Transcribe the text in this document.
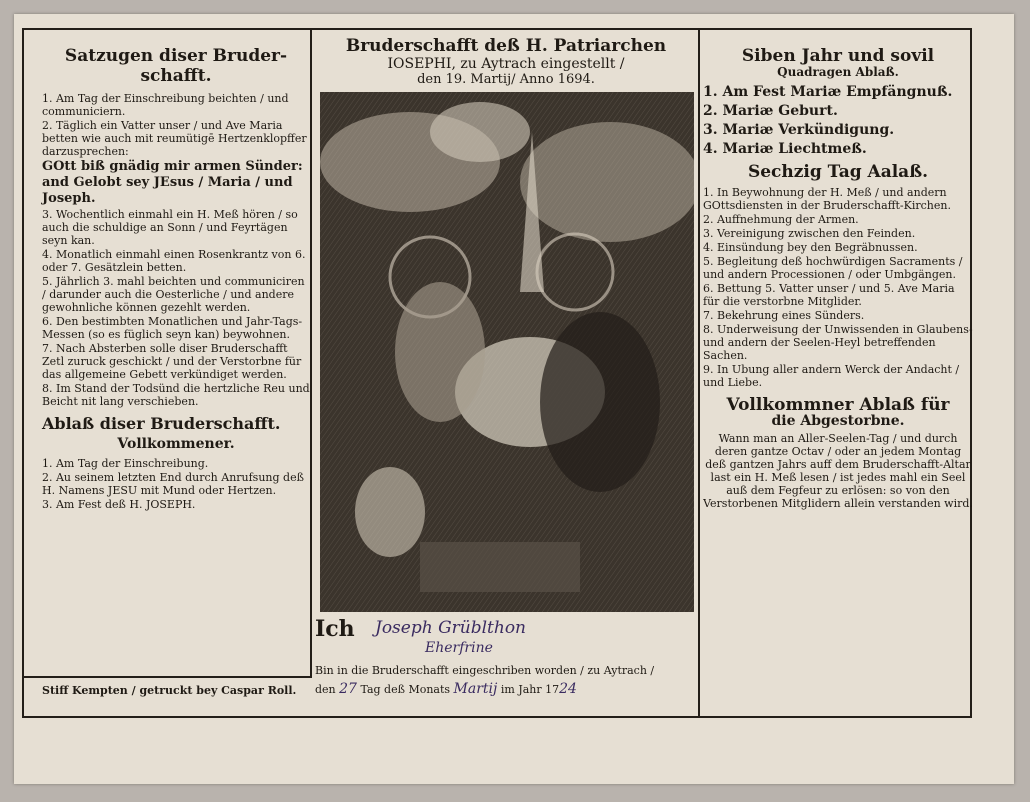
Satzugen diser Bruder-schafft.

1. Am Tag der Einschreibung beichten / und communiciern.

2. Täglich ein Vatter unser / und Ave Maria betten wie auch mit reumütigē Hertzenklopffer darzusprechen:

GOtt biß gnädig mir armen Sünder: and Gelobt sey JEsus / Maria / und Joseph.

3. Wochentlich einmahl ein H. Meß hören / so auch die schuldige an Sonn / und Feyrtägen seyn kan.

4. Monatlich einmahl einen Rosenkrantz von 6. oder 7. Gesätzlein betten.

5. Jährlich 3. mahl beichten und communiciren / darunder auch die Oesterliche / und andere gewohnliche können gezehlt werden.

6. Den bestimbten Monatlichen und Jahr-Tags-Messen (so es füglich seyn kan) beywohnen.

7. Nach Absterben solle diser Bruderschafft Zetl zuruck geschickt / und der Verstorbne für das allgemeine Gebett verkündiget werden.

8. Im Stand der Todsünd die hertzliche Reu und Beicht nit lang verschieben.

Ablaß diser Bruderschafft.
Vollkommener.

1. Am Tag der Einschreibung.

2. Au seinem letzten End durch Anrufsung deß H. Namens JESU mit Mund oder Hertzen.

3. Am Fest deß H. JOSEPH.

Stiff Kempten / getruckt bey Caspar Roll.
Bruderschafft deß H. Patriarchen
IOSEPHI, zu Aytrach eingestellt /
den 19. Martij/ Anno 1694.
Ich Joseph Grüblthon
Eherfrine
Bin in die Bruderschafft eingeschriben worden / zu Aytrach /
den 27 Tag deß Monats Martij im Jahr 1724
Siben Jahr und sovil
Quadragen Ablaß.

1. Am Fest Mariæ Empfängnuß.

2. Mariæ Geburt.

3. Mariæ Verkündigung.

4. Mariæ Liechtmeß.

Sechzig Tag Aalaß.

1. In Beywohnung der H. Meß / und andern GOttsdiensten in der Bruderschafft-Kirchen.

2. Auffnehmung der Armen.

3. Vereinigung zwischen den Feinden.

4. Einsündung bey den Begräbnussen.

5. Begleitung deß hochwürdigen Sacraments / und andern Processionen / oder Umbgängen.

6. Bettung 5. Vatter unser / und 5. Ave Maria für die verstorbne Mitglider.

7. Bekehrung eines Sünders.

8. Underweisung der Unwissenden in Glaubens- und andern der Seelen-Heyl betreffenden Sachen.

9. In Ubung aller andern Werck der Andacht / und Liebe.

Vollkommner Ablaß für
die Abgestorbne.

Wann man an Aller-Seelen-Tag / und durch deren gantze Octav / oder an jedem Montag deß gantzen Jahrs auff dem Bruderschafft-Altar last ein H. Meß lesen / ist jedes mahl ein Seel auß dem Fegfeur zu erlösen: so von den Verstorbenen Mitglidern allein verstanden wird.
